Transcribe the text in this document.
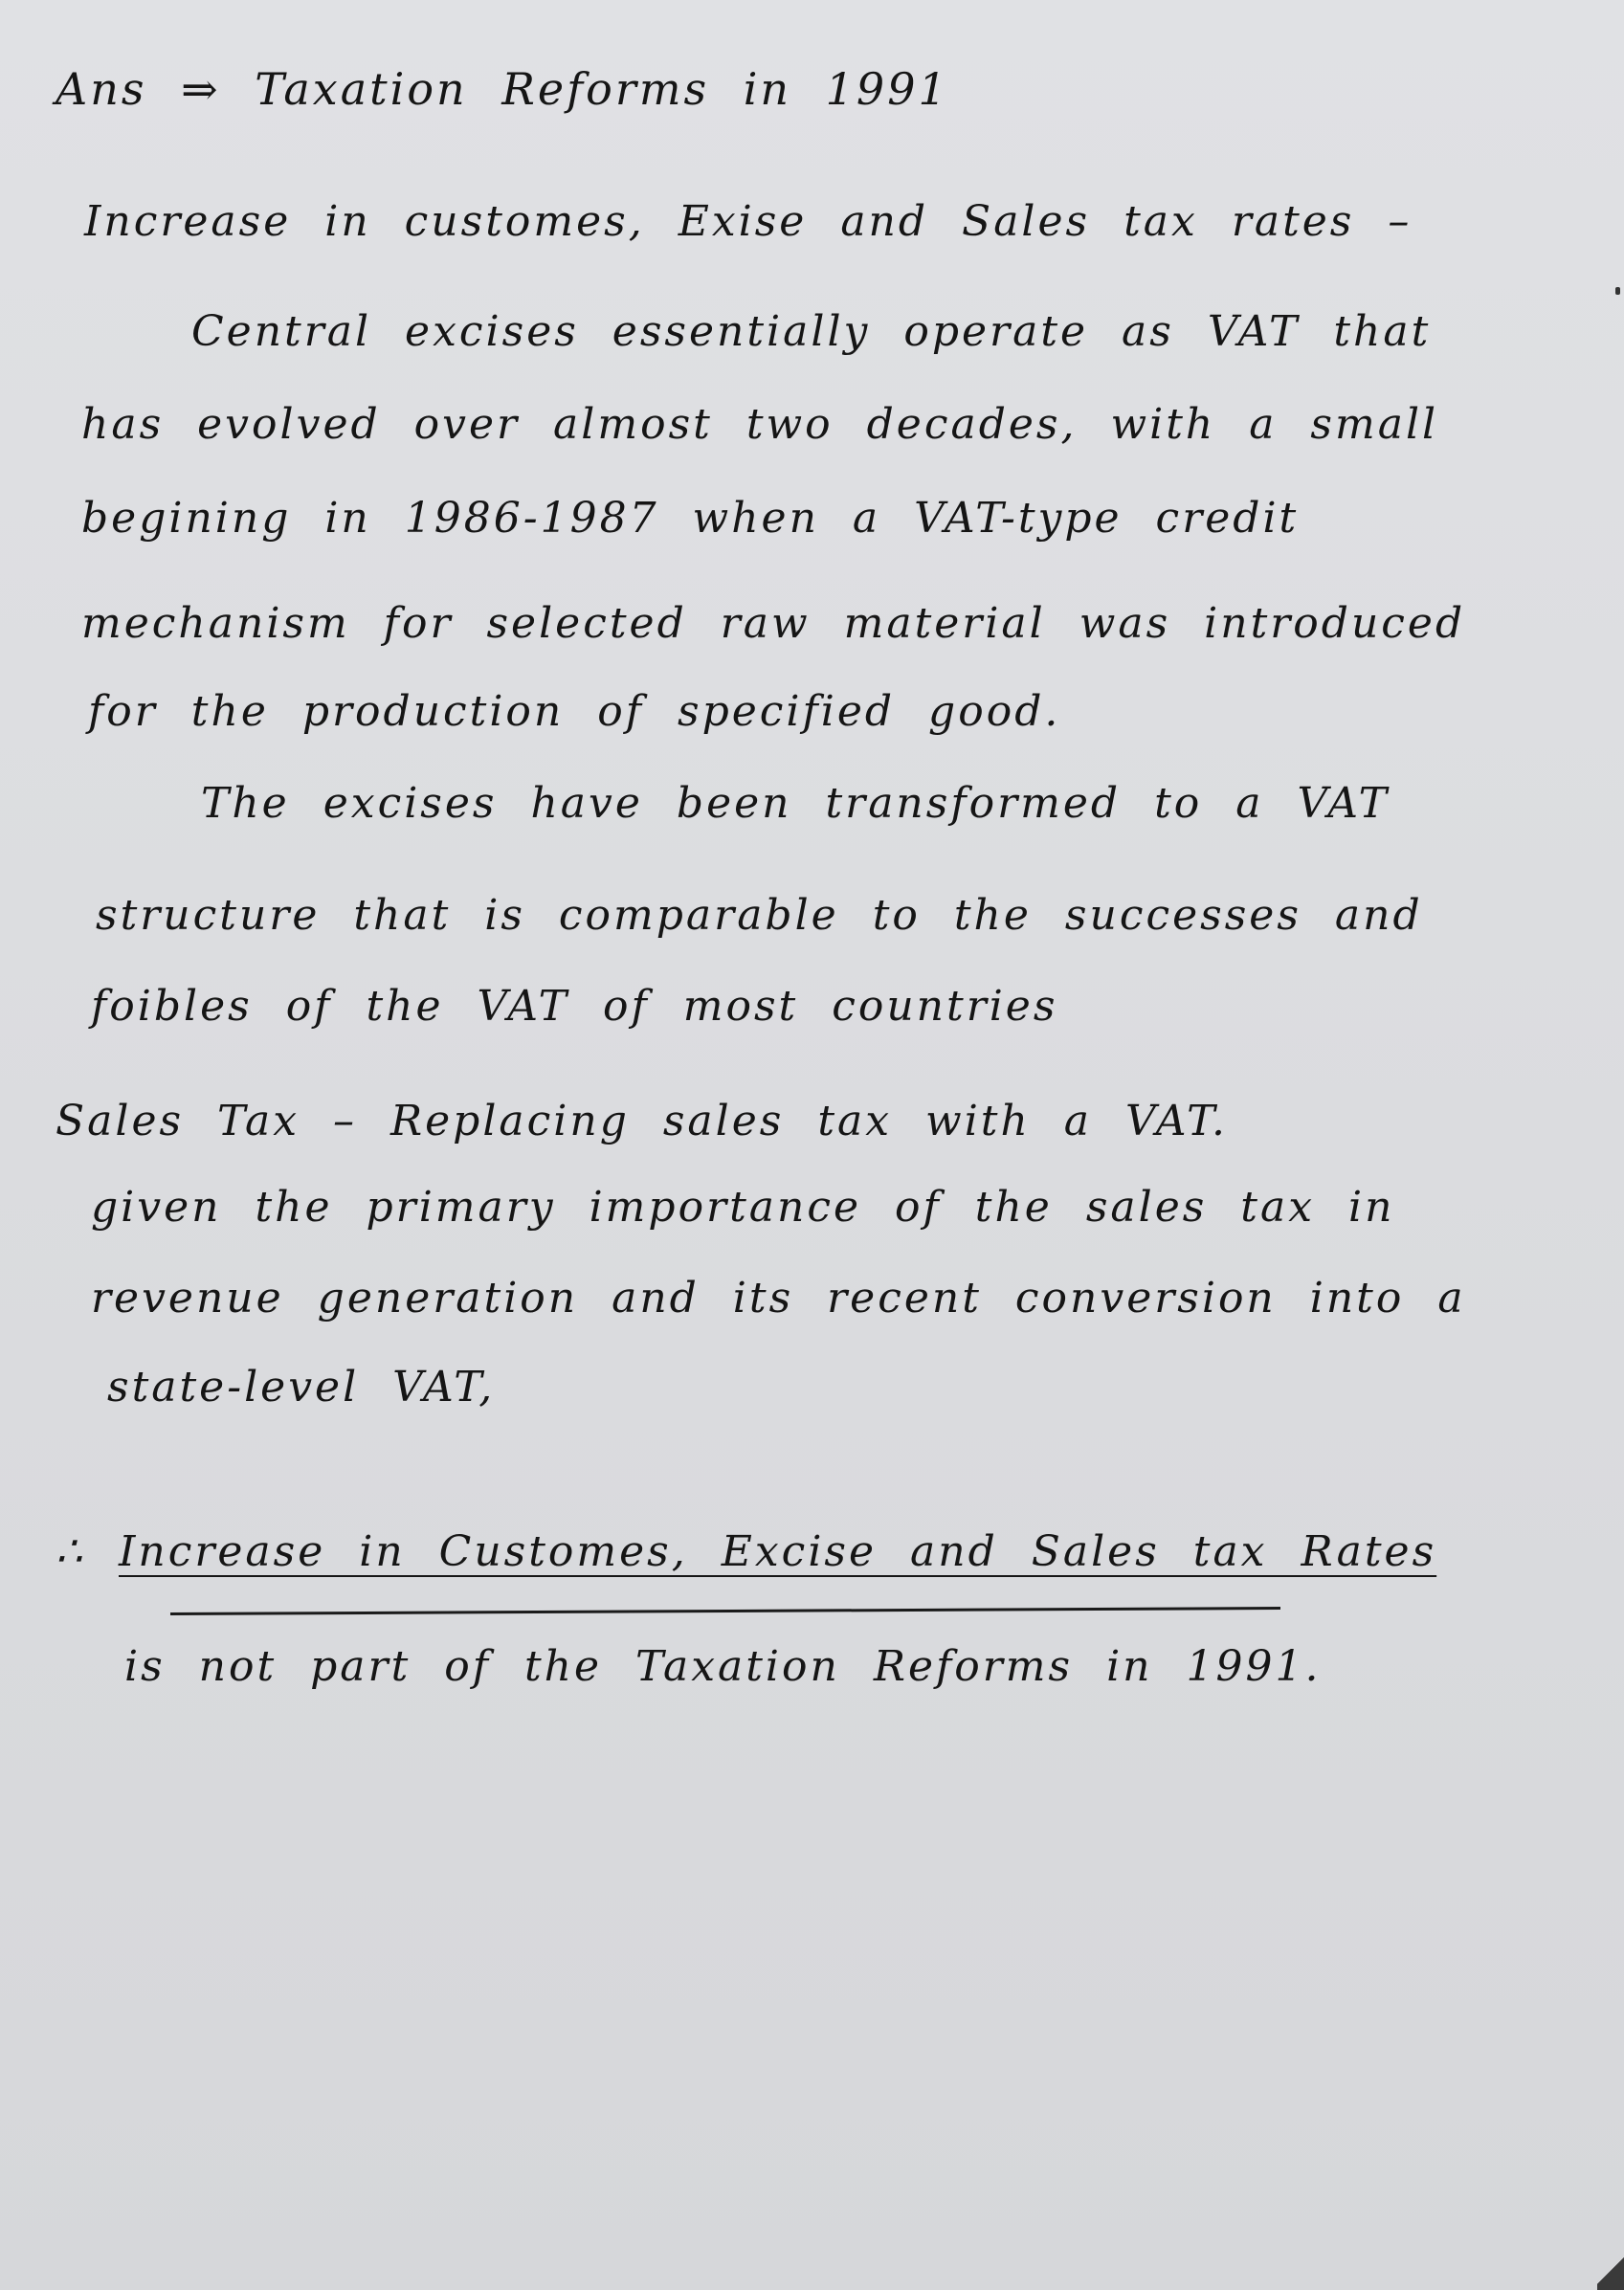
Ans ⇒ Taxation Reforms in 1991
Increase in customes, Exise and Sales tax rates –
Central excises essentially operate as VAT that
has evolved over almost two decades, with a small
begining in 1986-1987 when a VAT-type credit
mechanism for selected raw material was introduced
for the production of specified good.
The excises have been transformed to a VAT
structure that is comparable to the successes and
foibles of the VAT of most countries
Sales Tax – Replacing sales tax with a VAT.
given the primary importance of the sales tax in
revenue generation and its recent conversion into a
state-level VAT,
∴ Increase in Customes, Excise and Sales tax Rates
is not part of the Taxation Reforms in 1991.
